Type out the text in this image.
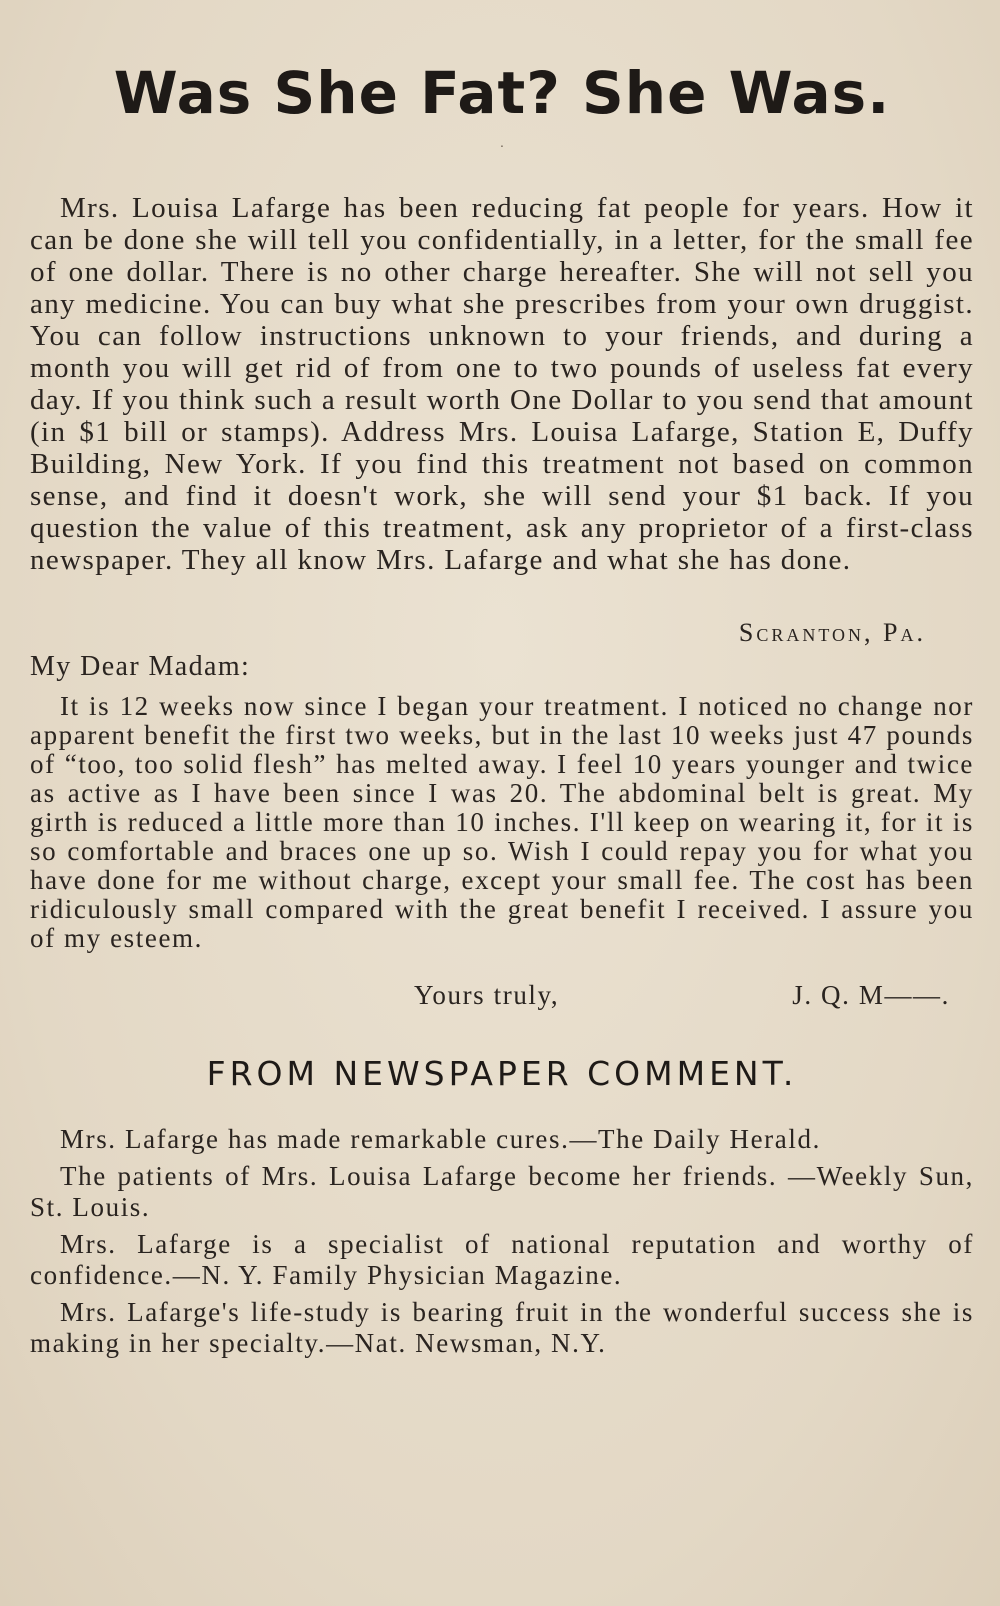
Was She Fat? She Was.
·

Mrs. Louisa Lafarge has been reducing fat people for years. How it can be done she will tell you confidentially, in a letter, for the small fee of one dollar. There is no other charge hereafter. She will not sell you any medicine. You can buy what she prescribes from your own druggist. You can follow instructions unknown to your friends, and during a month you will get rid of from one to two pounds of useless fat every day. If you think such a result worth One Dollar to you send that amount (in $1 bill or stamps). Address Mrs. Louisa Lafarge, Station E, Duffy Building, New York. If you find this treatment not based on common sense, and find it doesn't work, she will send your $1 back. If you question the value of this treatment, ask any proprietor of a first-class newspaper. They all know Mrs. Lafarge and what she has done.

Scranton, Pa.
My Dear Madam:

It is 12 weeks now since I began your treatment. I noticed no change nor apparent benefit the first two weeks, but in the last 10 weeks just 47 pounds of “too, too solid flesh” has melted away. I feel 10 years younger and twice as active as I have been since I was 20. The abdominal belt is great. My girth is reduced a little more than 10 inches. I'll keep on wearing it, for it is so comfortable and braces one up so. Wish I could repay you for what you have done for me without charge, except your small fee. The cost has been ridiculously small compared with the great benefit I received. I assure you of my esteem.

Yours truly,	J. Q. M——.
FROM NEWSPAPER COMMENT.

Mrs. Lafarge has made remarkable cures.—The Daily Herald.

The patients of Mrs. Louisa Lafarge become her friends. —Weekly Sun, St. Louis.

Mrs. Lafarge is a specialist of national reputation and worthy of confidence.—N. Y. Family Physician Magazine.

Mrs. Lafarge's life-study is bearing fruit in the wonderful success she is making in her specialty.—Nat. Newsman, N.Y.
